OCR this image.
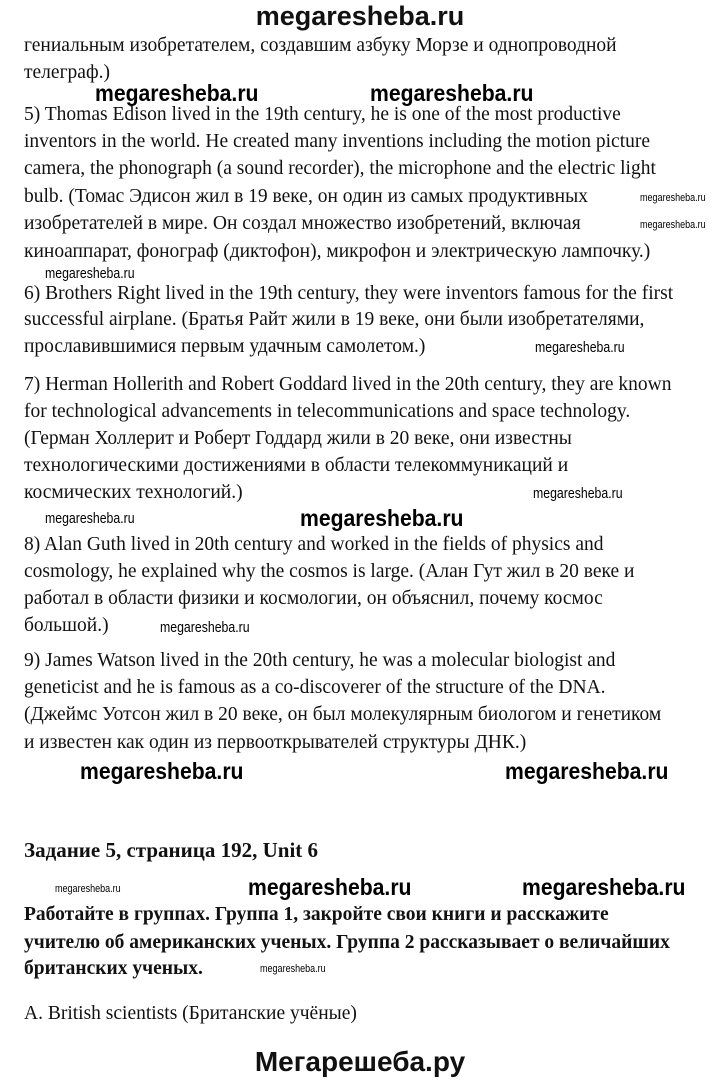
megaresheba.ru
гениальным изобретателем, создавшим азбуку Морзе и однопроводной
телеграф.)
5) Thomas Edison lived in the 19th century, he is one of the most productive
inventors in the world. He created many inventions including the motion picture
camera, the phonograph (a sound recorder), the microphone and the electric light
bulb. (Томас Эдисон жил в 19 веке, он один из самых продуктивных
изобретателей в мире. Он создал множество изобретений, включая
киноаппарат, фонограф (диктофон), микрофон и электрическую лампочку.)
6) Brothers Right lived in the 19th century, they were inventors famous for the first
successful airplane. (Братья Райт жили в 19 веке, они были изобретателями,
прославившимися первым удачным самолетом.)
7) Herman Hollerith and Robert Goddard lived in the 20th century, they are known
for technological advancements in telecommunications and space technology.
(Герман Холлерит и Роберт Годдард жили в 20 веке, они известны
технологическими достижениями в области телекоммуникаций и
космических технологий.)
8) Alan Guth lived in 20th century and worked in the fields of physics and
cosmology, he explained why the cosmos is large. (Алан Гут жил в 20 веке и
работал в области физики и космологии, он объяснил, почему космос
большой.)
9) James Watson lived in the 20th century, he was a molecular biologist and
geneticist and he is famous as a co-discoverer of the structure of the DNA.
(Джеймс Уотсон жил в 20 веке, он был молекулярным биологом и генетиком
и известен как один из первооткрывателей структуры ДНК.)
Задание 5, страница 192, Unit 6
Работайте в группах. Группа 1, закройте свои книги и расскажите
учителю об американских ученых. Группа 2 рассказывает о величайших
британских ученых.
A. British scientists (Британские учёные)
Мегарешеба.ру
megaresheba.ru	megaresheba.ru
megaresheba.ru
megaresheba.ru
megaresheba.ru
megaresheba.ru
megaresheba.ru
megaresheba.ru
megaresheba.ru
megaresheba.ru
megaresheba.ru	megaresheba.ru
megaresheba.ru	megaresheba.ru	megaresheba.ru
megaresheba.ru
